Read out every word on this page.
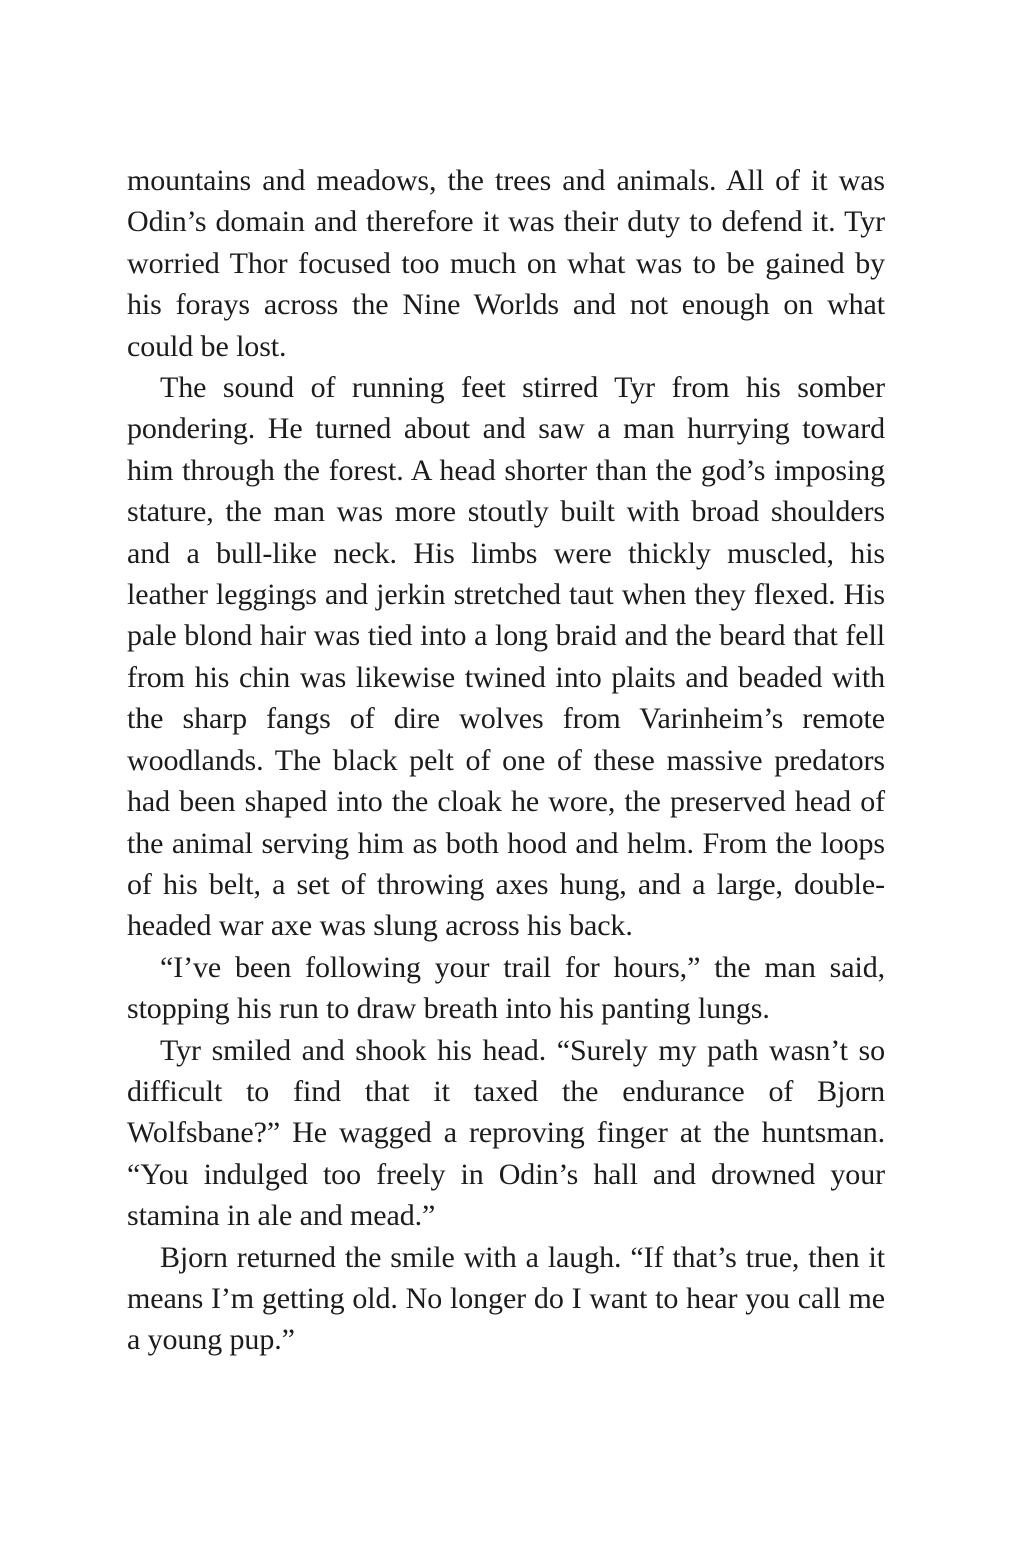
mountains and meadows, the trees and animals. All of it was Odin’s domain and therefore it was their duty to defend it. Tyr worried Thor focused too much on what was to be gained by his forays across the Nine Worlds and not enough on what could be lost.

The sound of running feet stirred Tyr from his somber pondering. He turned about and saw a man hurrying toward him through the forest. A head shorter than the god’s imposing stature, the man was more stoutly built with broad shoulders and a bull-like neck. His limbs were thickly muscled, his leather leggings and jerkin stretched taut when they flexed. His pale blond hair was tied into a long braid and the beard that fell from his chin was likewise twined into plaits and beaded with the sharp fangs of dire wolves from Varinheim’s remote woodlands. The black pelt of one of these massive predators had been shaped into the cloak he wore, the preserved head of the animal serving him as both hood and helm. From the loops of his belt, a set of throwing axes hung, and a large, double-headed war axe was slung across his back.

“I’ve been following your trail for hours,” the man said, stopping his run to draw breath into his panting lungs.

Tyr smiled and shook his head. “Surely my path wasn’t so difficult to find that it taxed the endurance of Bjorn Wolfsbane?” He wagged a reproving finger at the huntsman. “You indulged too freely in Odin’s hall and drowned your stamina in ale and mead.”

Bjorn returned the smile with a laugh. “If that’s true, then it means I’m getting old. No longer do I want to hear you call me a young pup.”
